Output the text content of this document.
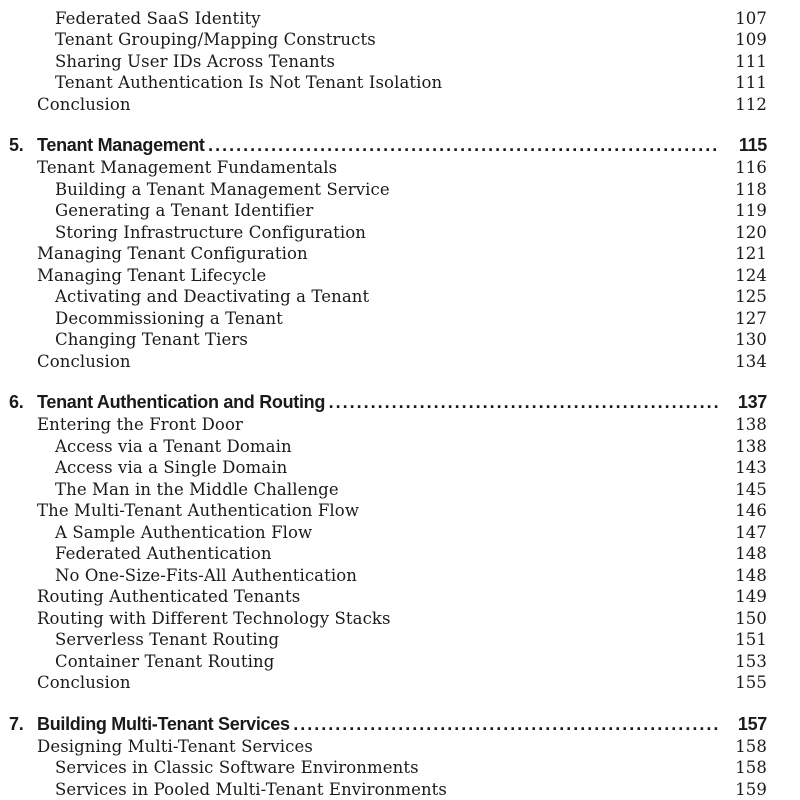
Federated SaaS Identity	107
Tenant Grouping/Mapping Constructs	109
Sharing User IDs Across Tenants	111
Tenant Authentication Is Not Tenant Isolation	111
Conclusion	112
5. Tenant Management . . .	115
Tenant Management Fundamentals	116
Building a Tenant Management Service	118
Generating a Tenant Identifier	119
Storing Infrastructure Configuration	120
Managing Tenant Configuration	121
Managing Tenant Lifecycle	124
Activating and Deactivating a Tenant	125
Decommissioning a Tenant	127
Changing Tenant Tiers	130
Conclusion	134
6. Tenant Authentication and Routing . . .	137
Entering the Front Door	138
Access via a Tenant Domain	138
Access via a Single Domain	143
The Man in the Middle Challenge	145
The Multi-Tenant Authentication Flow	146
A Sample Authentication Flow	147
Federated Authentication	148
No One-Size-Fits-All Authentication	148
Routing Authenticated Tenants	149
Routing with Different Technology Stacks	150
Serverless Tenant Routing	151
Container Tenant Routing	153
Conclusion	155
7. Building Multi-Tenant Services . . .	157
Designing Multi-Tenant Services	158
Services in Classic Software Environments	158
Services in Pooled Multi-Tenant Environments	159
